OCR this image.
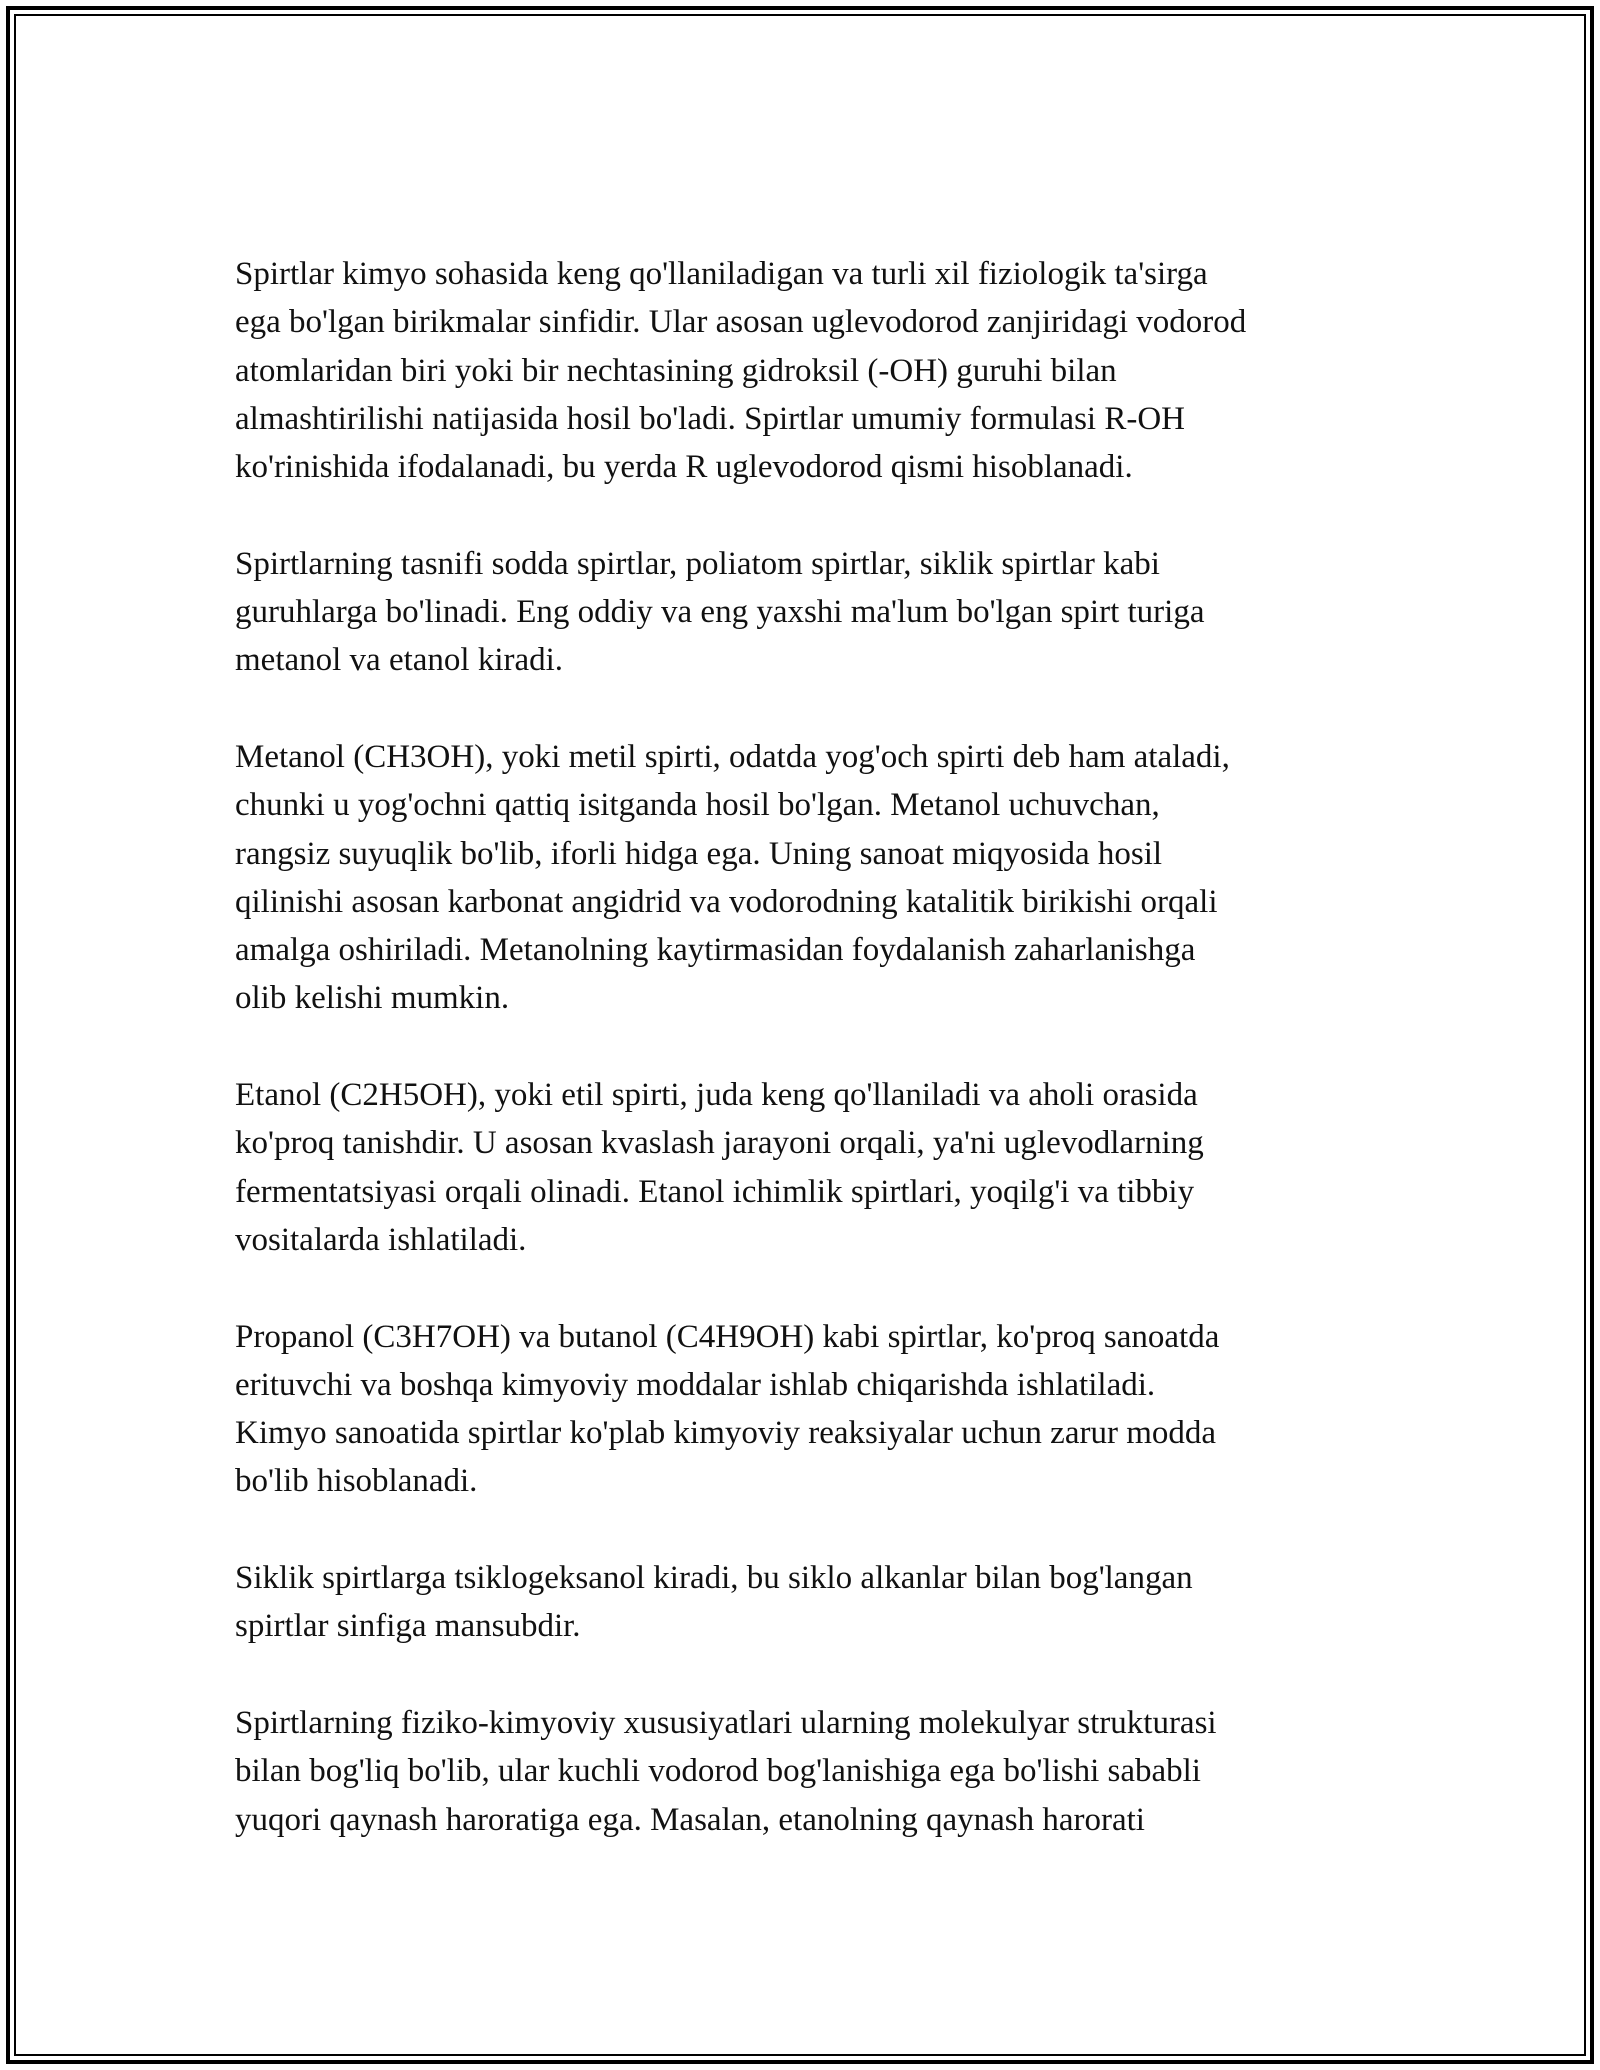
Spirtlar kimyo sohasida keng qo'llaniladigan va turli xil fiziologik ta'sirga
ega bo'lgan birikmalar sinfidir. Ular asosan uglevodorod zanjiridagi vodorod
atomlaridan biri yoki bir nechtasining gidroksil (-OH) guruhi bilan
almashtirilishi natijasida hosil bo'ladi. Spirtlar umumiy formulasi R-OH
ko'rinishida ifodalanadi, bu yerda R uglevodorod qismi hisoblanadi.

Spirtlarning tasnifi sodda spirtlar, poliatom spirtlar, siklik spirtlar kabi
guruhlarga bo'linadi. Eng oddiy va eng yaxshi ma'lum bo'lgan spirt turiga
metanol va etanol kiradi.

Metanol (CH3OH), yoki metil spirti, odatda yog'och spirti deb ham ataladi,
chunki u yog'ochni qattiq isitganda hosil bo'lgan. Metanol uchuvchan,
rangsiz suyuqlik bo'lib, iforli hidga ega. Uning sanoat miqyosida hosil
qilinishi asosan karbonat angidrid va vodorodning katalitik birikishi orqali
amalga oshiriladi. Metanolning kaytirmasidan foydalanish zaharlanishga
olib kelishi mumkin.

Etanol (C2H5OH), yoki etil spirti, juda keng qo'llaniladi va aholi orasida
ko'proq tanishdir. U asosan kvaslash jarayoni orqali, ya'ni uglevodlarning
fermentatsiyasi orqali olinadi. Etanol ichimlik spirtlari, yoqilg'i va tibbiy
vositalarda ishlatiladi.

Propanol (C3H7OH) va butanol (C4H9OH) kabi spirtlar, ko'proq sanoatda
erituvchi va boshqa kimyoviy moddalar ishlab chiqarishda ishlatiladi.
Kimyo sanoatida spirtlar ko'plab kimyoviy reaksiyalar uchun zarur modda
bo'lib hisoblanadi.

Siklik spirtlarga tsiklogeksanol kiradi, bu siklo alkanlar bilan bog'langan
spirtlar sinfiga mansubdir.

Spirtlarning fiziko-kimyoviy xususiyatlari ularning molekulyar strukturasi
bilan bog'liq bo'lib, ular kuchli vodorod bog'lanishiga ega bo'lishi sababli
yuqori qaynash haroratiga ega. Masalan, etanolning qaynash harorati
